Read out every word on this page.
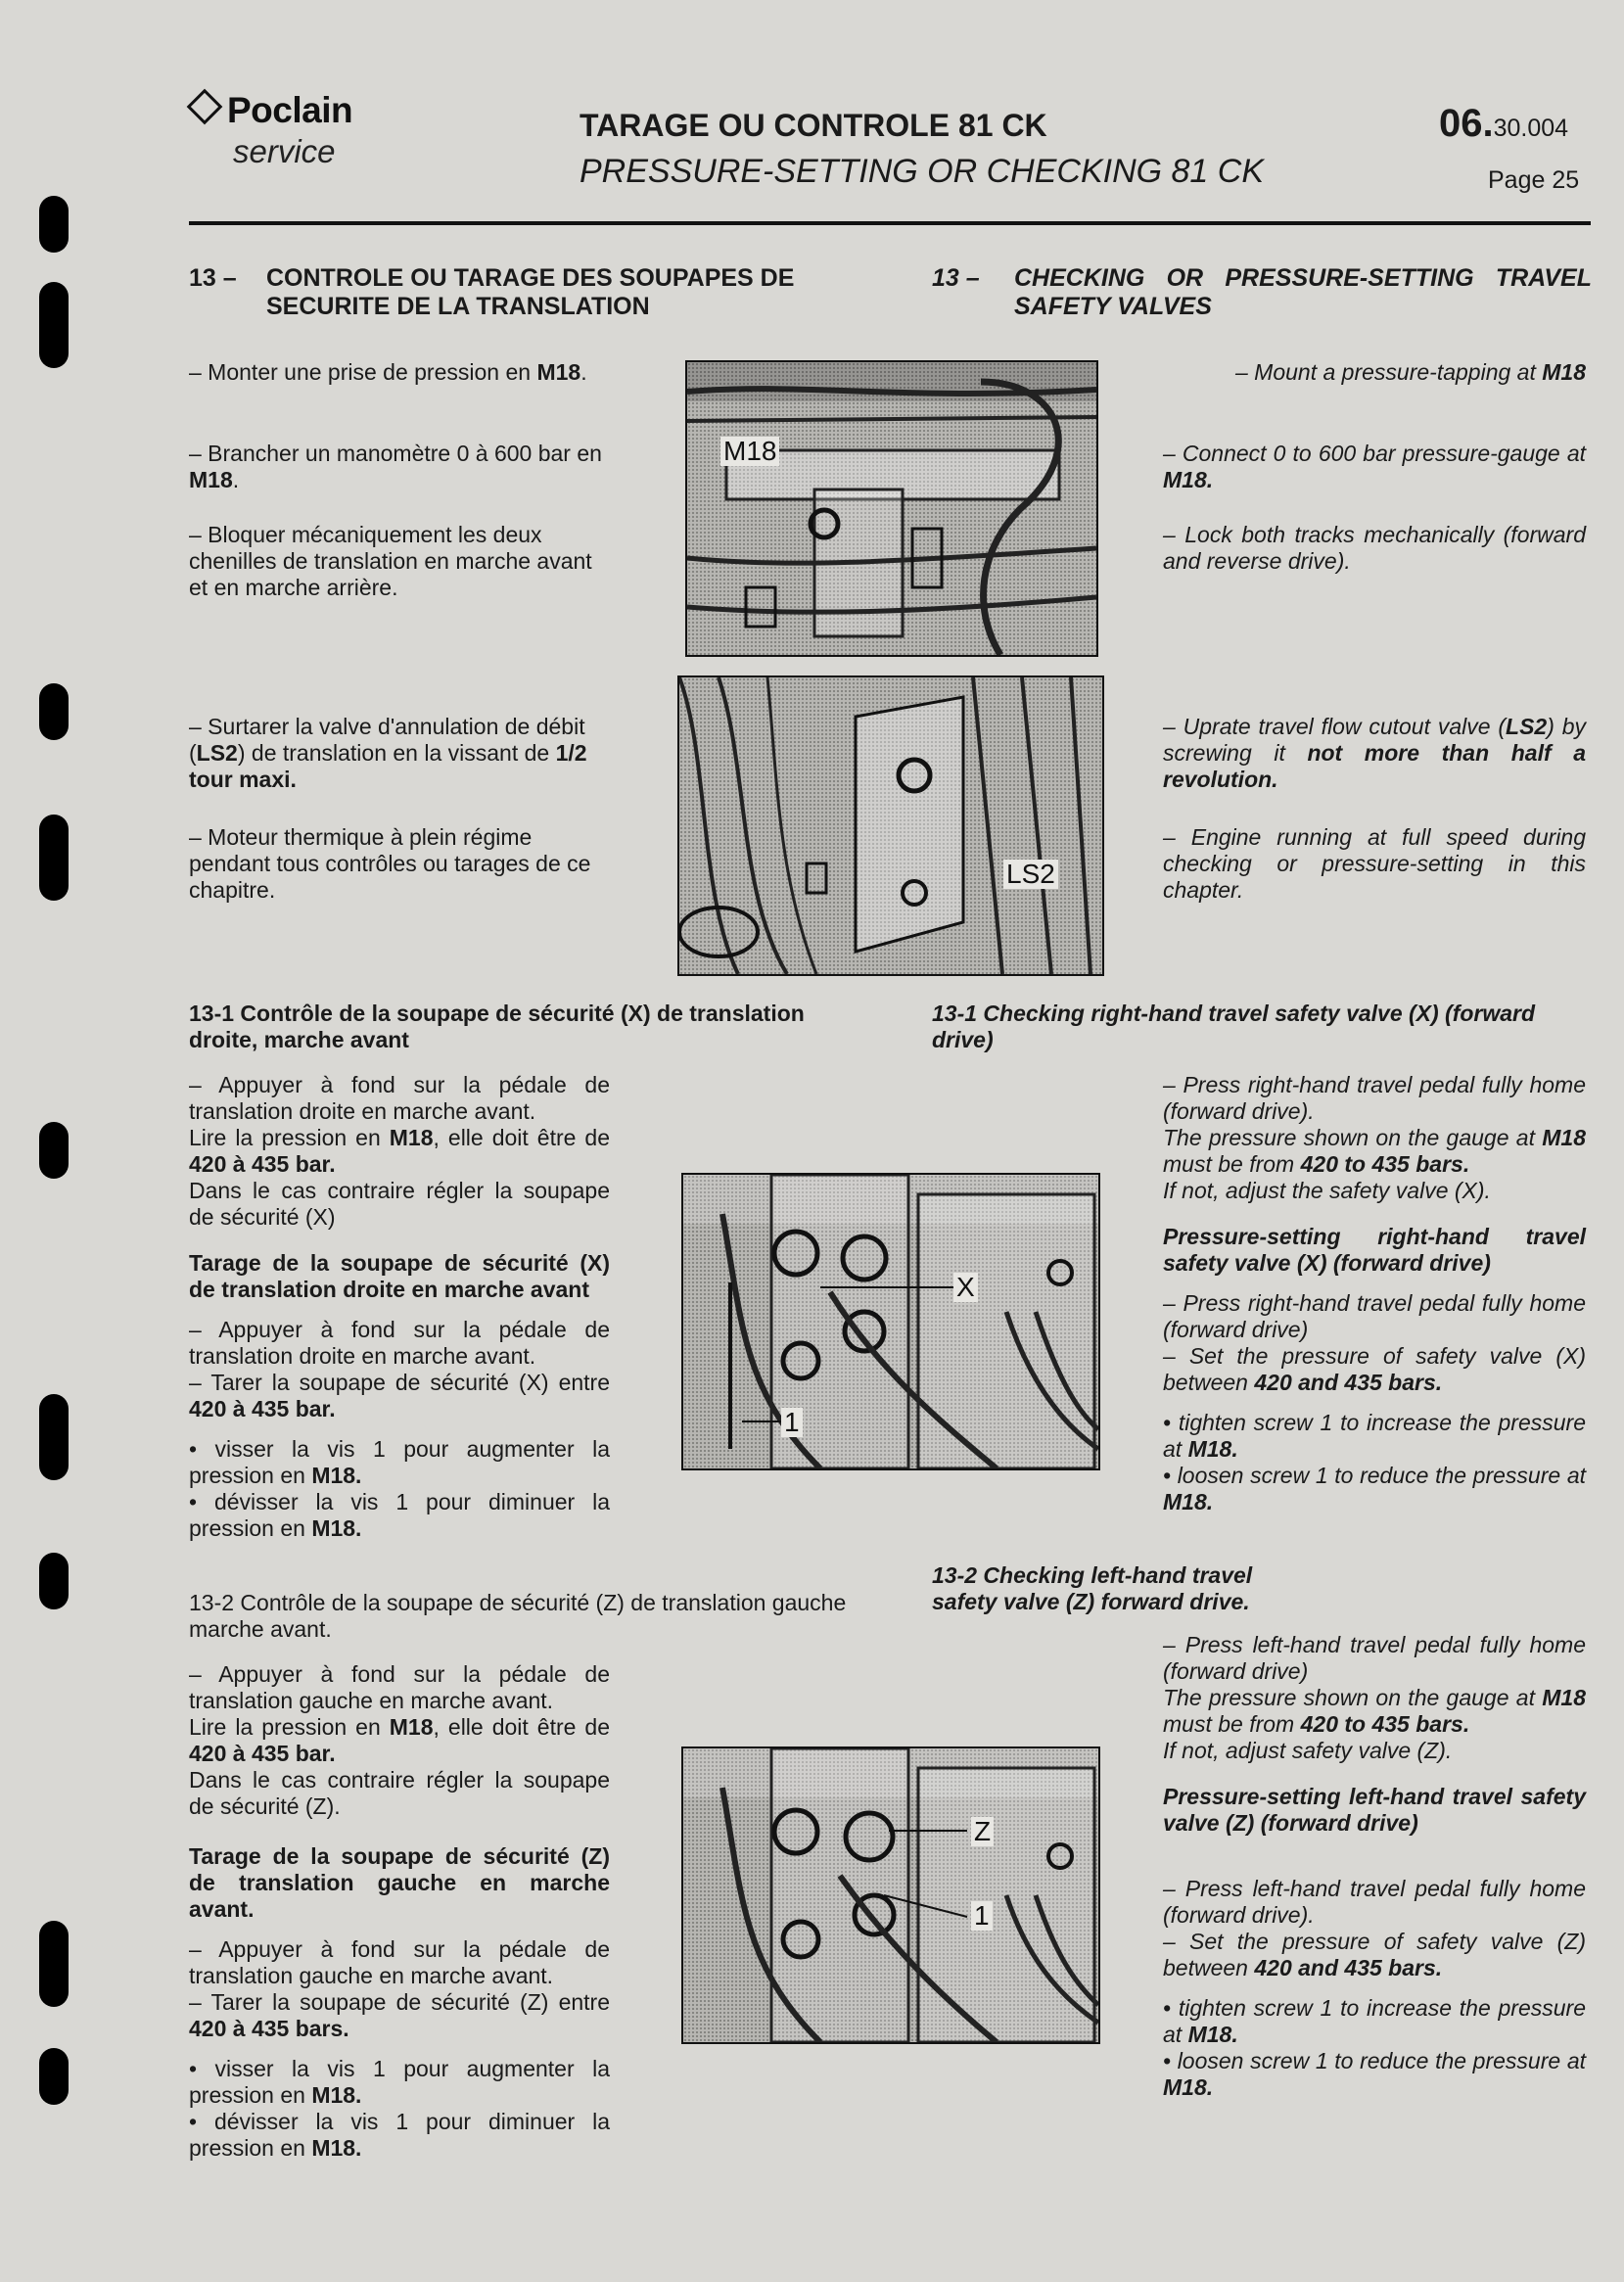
Poclain
service
TARAGE OU CONTROLE 81 CK
PRESSURE-SETTING OR CHECKING 81 CK
06.30.004
Page 25
13 – CONTROLE OU TARAGE DES SOUPAPES DE SECURITE DE LA TRANSLATION
13 – CHECKING OR PRESSURE-SETTING TRAVEL SAFETY VALVES
– Monter une prise de pression en M18.
– Brancher un manomètre 0 à 600 bar en M18.
– Bloquer mécaniquement les deux chenilles de translation en marche avant et en marche arrière.
– Surtarer la valve d'annulation de débit (LS2) de translation en la vissant de 1/2 tour maxi.
– Moteur thermique à plein régime pendant tous contrôles ou tarages de ce chapitre.
– Mount a pressure-tapping at M18
– Connect 0 to 600 bar pressure-gauge at M18.
– Lock both tracks mechanically (forward and reverse drive).
– Uprate travel flow cutout valve (LS2) by screwing it not more than half a revolution.
– Engine running at full speed during checking or pressure-setting in this chapter.
M18
LS2
13-1 Contrôle de la soupape de sécurité (X) de translation droite, marche avant
13-1 Checking right-hand travel safety valve (X) (forward drive)
– Appuyer à fond sur la pédale de translation droite en marche avant.
Lire la pression en M18, elle doit être de 420 à 435 bar.
Dans le cas contraire régler la soupape de sécurité (X)
Tarage de la soupape de sécurité (X) de translation droite en marche avant
– Appuyer à fond sur la pédale de translation droite en marche avant.
– Tarer la soupape de sécurité (X) entre 420 à 435 bar.
• visser la vis 1 pour augmenter la pression en M18.
• dévisser la vis 1 pour diminuer la pression en M18.
– Press right-hand travel pedal fully home (forward drive).
The pressure shown on the gauge at M18 must be from 420 to 435 bars.
If not, adjust the safety valve (X).
Pressure-setting right-hand travel safety valve (X) (forward drive)
– Press right-hand travel pedal fully home (forward drive)
– Set the pressure of safety valve (X) between 420 and 435 bars.
• tighten screw 1 to increase the pressure at M18.
• loosen screw 1 to reduce the pressure at M18.
X
1
13-2 Contrôle de la soupape de sécurité (Z) de translation gauche marche avant.
13-2 Checking left-hand travel safety valve (Z) forward drive.
– Appuyer à fond sur la pédale de translation gauche en marche avant.
Lire la pression en M18, elle doit être de 420 à 435 bar.
Dans le cas contraire régler la soupape de sécurité (Z).
Tarage de la soupape de sécurité (Z) de translation gauche en marche avant.
– Appuyer à fond sur la pédale de translation gauche en marche avant.
– Tarer la soupape de sécurité (Z) entre 420 à 435 bars.
• visser la vis 1 pour augmenter la pression en M18.
• dévisser la vis 1 pour diminuer la pression en M18.
– Press left-hand travel pedal fully home (forward drive)
The pressure shown on the gauge at M18 must be from 420 to 435 bars.
If not, adjust safety valve (Z).
Pressure-setting left-hand travel safety valve (Z) (forward drive)
– Press left-hand travel pedal fully home (forward drive).
– Set the pressure of safety valve (Z) between 420 and 435 bars.
• tighten screw 1 to increase the pressure at M18.
• loosen screw 1 to reduce the pressure at M18.
Z
1
